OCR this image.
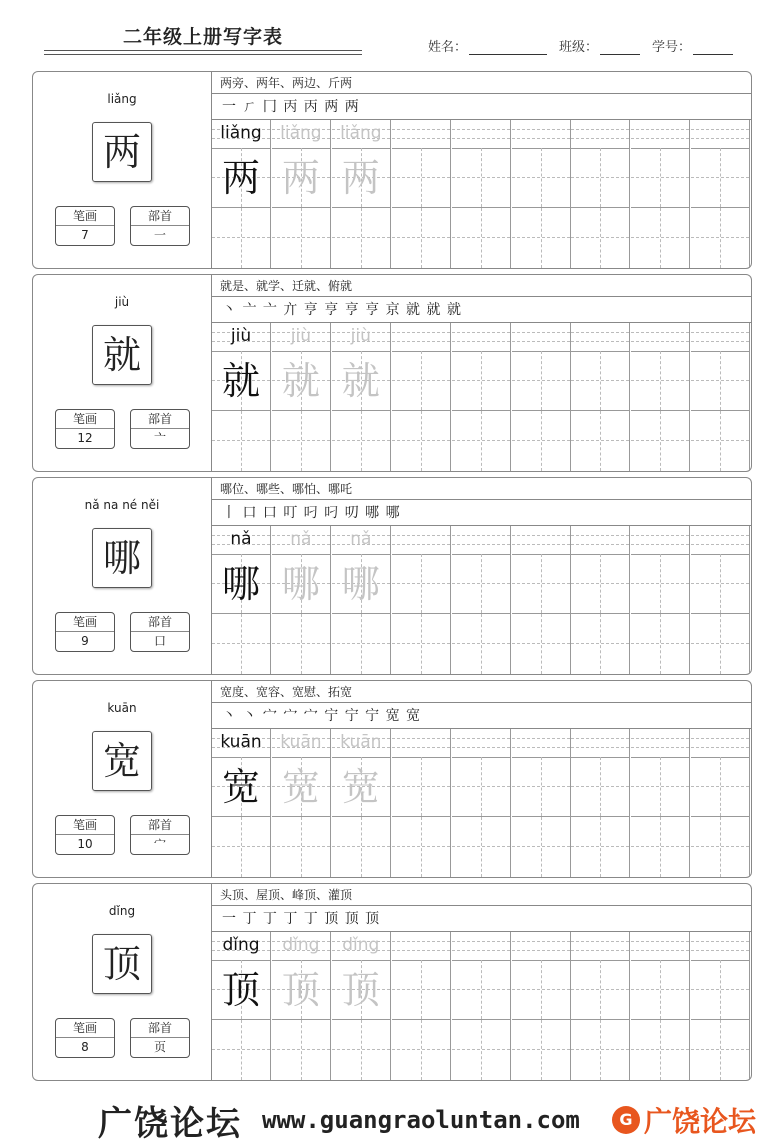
二年级上册写字表	姓名：	班级：	学号：
liǎng
两
笔画
7
部首
一
两旁、两年、两边、斤两
一 ㄏ 冂 丙 丙 两 两
liǎng
两
liǎng
两
liǎng
两
jiù
就
笔画
12
部首
亠
就是、就学、迁就、俯就
丶 亠 亠 亣 亨 亨 亨 亨 京 就 就 就
jiù
就
jiù
就
jiù
就
nǎ na né něi
哪
笔画
9
部首
口
哪位、哪些、哪怕、哪吒
丨 口 口 叮 叼 叼 叨 哪 哪
nǎ
哪
nǎ
哪
nǎ
哪
kuān
宽
笔画
10
部首
宀
宽度、宽容、宽慰、拓宽
丶 丶 宀 宀 宀 宁 宁 宁 宽 宽
kuān
宽
kuān
宽
kuān
宽
dǐng
顶
笔画
8
部首
页
头顶、屋顶、峰顶、灌顶
一 丁 丁 丁 丁 顶 顶 顶
dǐng
顶
dǐng
顶
dǐng
顶
广饶论坛 www.guangraoluntan.com	G 广饶论坛
